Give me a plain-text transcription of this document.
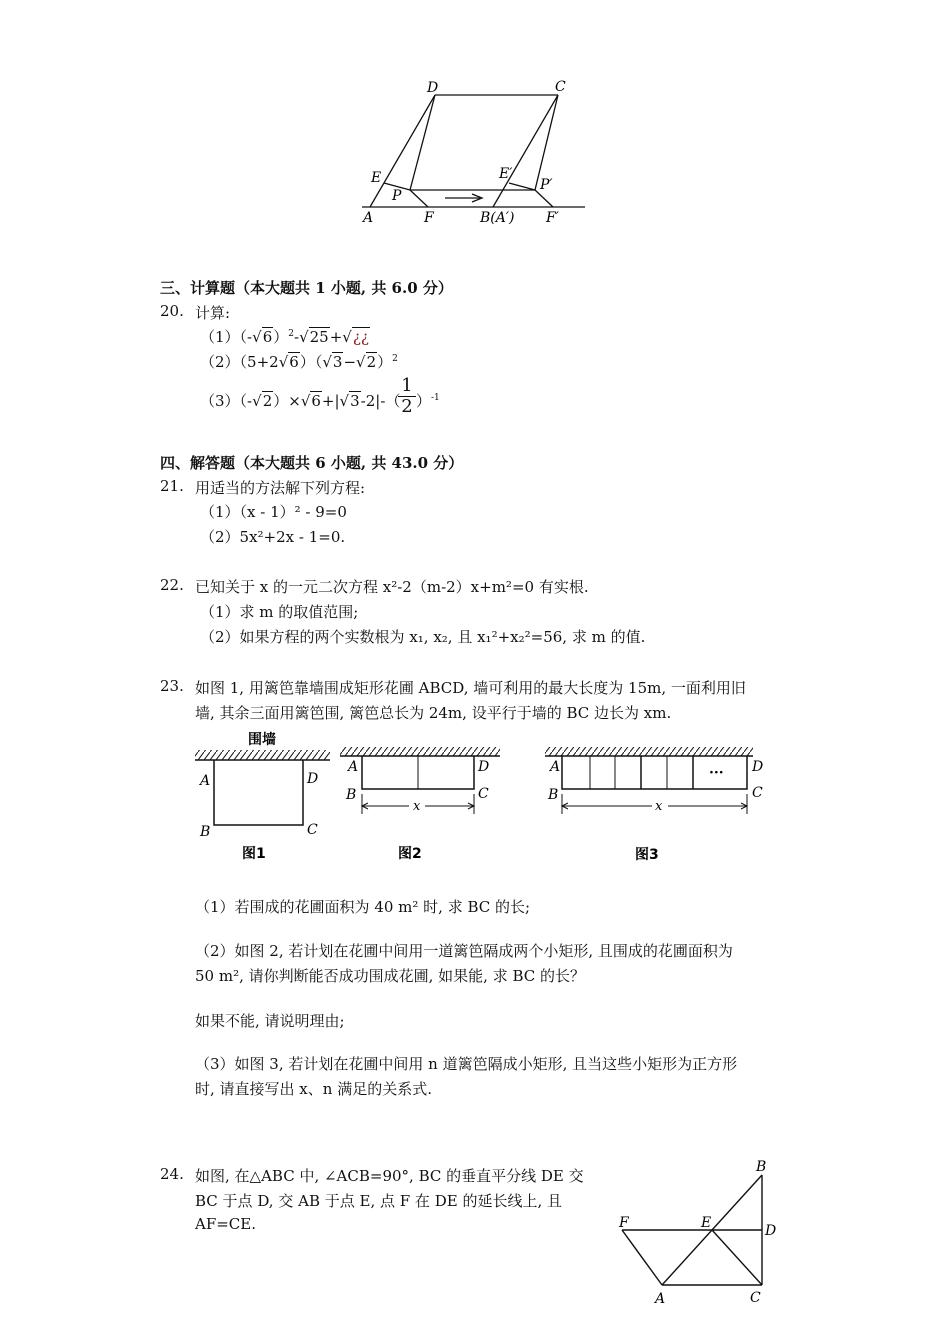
D	C
E
P
E′
P′
A	F	B(A′) F′
三、计算题（本大题共 1 小题, 共 6.0 分）
20. 计算:
$(1)(-√6)^2-√25+√¿¿$
$(2)(5+2√6)(√3-√2)^2$
（3）（-√2）×√6+|√3-2|-（
$\frac{1}{2} )^{-1}$
四、解答题（本大题共 6 小题, 共 43.0 分）
21. 用适当的方法解下列方程:
（1）（x - 1）² - 9=0
（2）5x²+2x - 1=0.
22. 已知关于 x 的一元二次方程 x²-2（m-2）x+m²=0 有实根.
（1）求 m 的取值范围;
（2）如果方程的两个实数根为 x₁, x₂, 且 x₁²+x₂²=56, 求 m 的值.
23. 如图 1, 用篱笆靠墙围成矩形花圃 ABCD, 墙可利用的最大长度为 15m, 一面利用旧
墙, 其余三面用篱笆围, 篱笆总长为 24m, 设平行于墙的 BC 边长为 xm.
围墙
A	D
B	C
图1
x
A	D
B	C
图2
···
x
A	D
B	C
图3
（1）若围成的花圃面积为 40 m² 时, 求 BC 的长;
（2）如图 2, 若计划在花圃中间用一道篱笆隔成两个小矩形, 且围成的花圃面积为
50 m², 请你判断能否成功围成花圃, 如果能, 求 BC 的长？
如果不能, 请说明理由;
（3）如图 3, 若计划在花圃中间用 n 道篱笆隔成小矩形, 且当这些小矩形为正方形
时, 请直接写出 x、n 满足的关系式.
24. 如图, 在△ABC 中, ∠ACB=90°, BC 的垂直平分线 DE 交
BC 于点 D, 交 AB 于点 E, 点 F 在 DE 的延长线上, 且
AF=CE.
B
F	E	D
A	C
